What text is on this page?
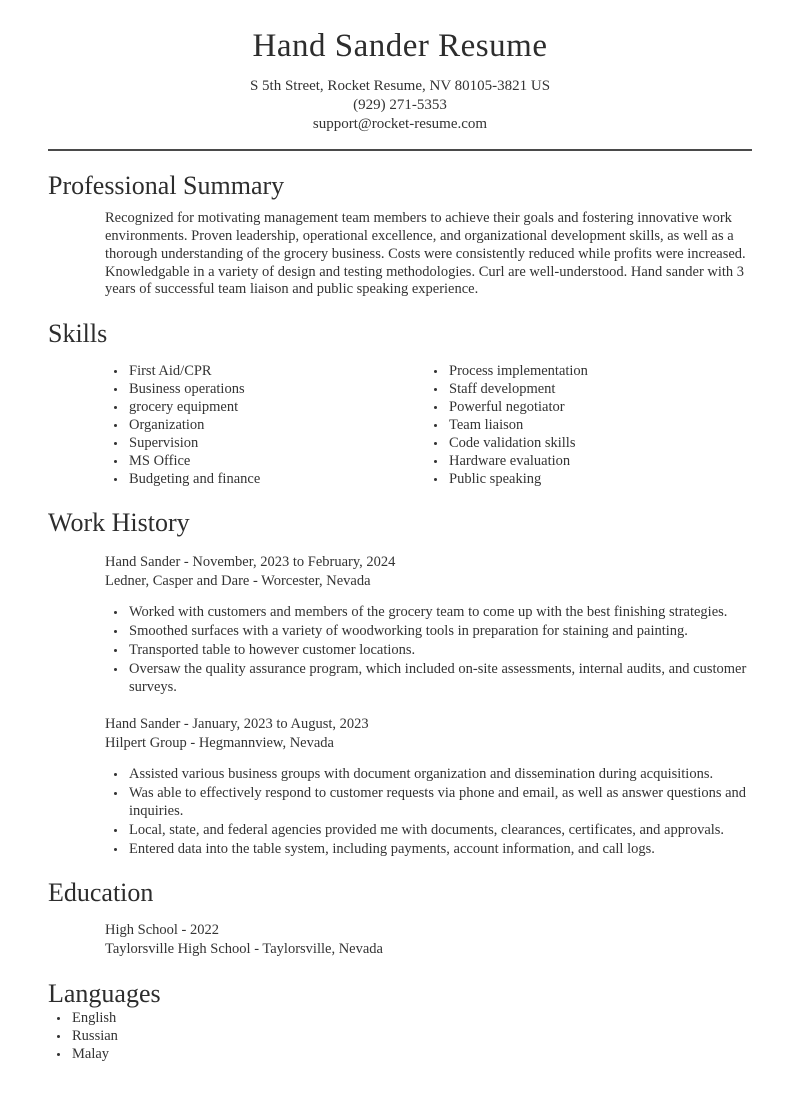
Hand Sander Resume
S 5th Street, Rocket Resume, NV 80105-3821 US
(929) 271-5353
support@rocket-resume.com
Professional Summary

Recognized for motivating management team members to achieve their goals and fostering innovative work environments. Proven leadership, operational excellence, and organizational development skills, as well as a thorough understanding of the grocery business. Costs were consistently reduced while profits were increased. Knowledgable in a variety of design and testing methodologies. Curl are well-understood. Hand sander with 3 years of successful team liaison and public speaking experience.

Skills
• First Aid/CPR
• Business operations
• grocery equipment
• Organization
• Supervision
• MS Office
• Budgeting and finance
• Process implementation
• Staff development
• Powerful negotiator
• Team liaison
• Code validation skills
• Hardware evaluation
• Public speaking
Work History
Hand Sander - November, 2023 to February, 2024
Ledner, Casper and Dare - Worcester, Nevada
• Worked with customers and members of the grocery team to come up with the best finishing strategies.
• Smoothed surfaces with a variety of woodworking tools in preparation for staining and painting.
• Transported table to however customer locations.
• Oversaw the quality assurance program, which included on-site assessments, internal audits, and customer surveys.
Hand Sander - January, 2023 to August, 2023
Hilpert Group - Hegmannview, Nevada
• Assisted various business groups with document organization and dissemination during acquisitions.
• Was able to effectively respond to customer requests via phone and email, as well as answer questions and inquiries.
• Local, state, and federal agencies provided me with documents, clearances, certificates, and approvals.
• Entered data into the table system, including payments, account information, and call logs.
Education
High School - 2022
Taylorsville High School - Taylorsville, Nevada
Languages
• English
• Russian
• Malay
